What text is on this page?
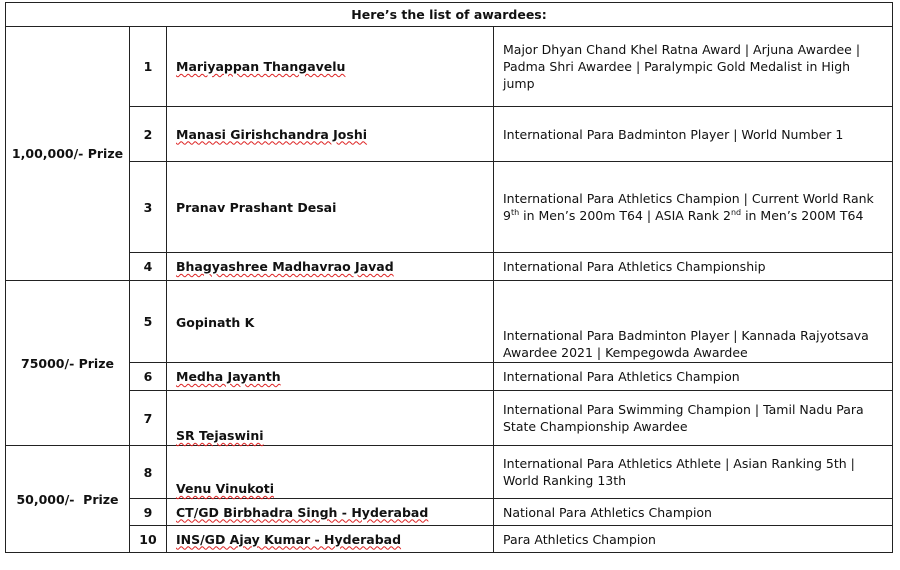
Here’s the list of awardees:			
1,00,000/- Prize	1	Mariyappan Thangavelu	Major Dhyan Chand Khel Ratna Award | Arjuna Awardee | Padma Shri Awardee | Paralympic Gold Medalist in High jump
	2	Manasi Girishchandra Joshi	International Para Badminton Player | World Number 1
	3	Pranav Prashant Desai	International Para Athletics Champion | Current World Rank 9th in Men’s 200m T64 | ASIA Rank 2nd in Men’s 200M T64
	4	Bhagyashree Madhavrao Javad	International Para Athletics Championship
75000/- Prize	5	Gopinath K	International Para Badminton Player | Kannada Rajyotsava Awardee 2021 | Kempegowda Awardee
	6	Medha Jayanth	International Para Athletics Champion
	7	SR Tejaswini	International Para Swimming Champion | Tamil Nadu Para State Championship Awardee
50,000/-  Prize	8	Venu Vinukoti	International Para Athletics Athlete | Asian Ranking 5th | World Ranking 13th
	9	CT/GD Birbhadra Singh - Hyderabad	National Para Athletics Champion
	10	INS/GD Ajay Kumar - Hyderabad	Para Athletics Champion
